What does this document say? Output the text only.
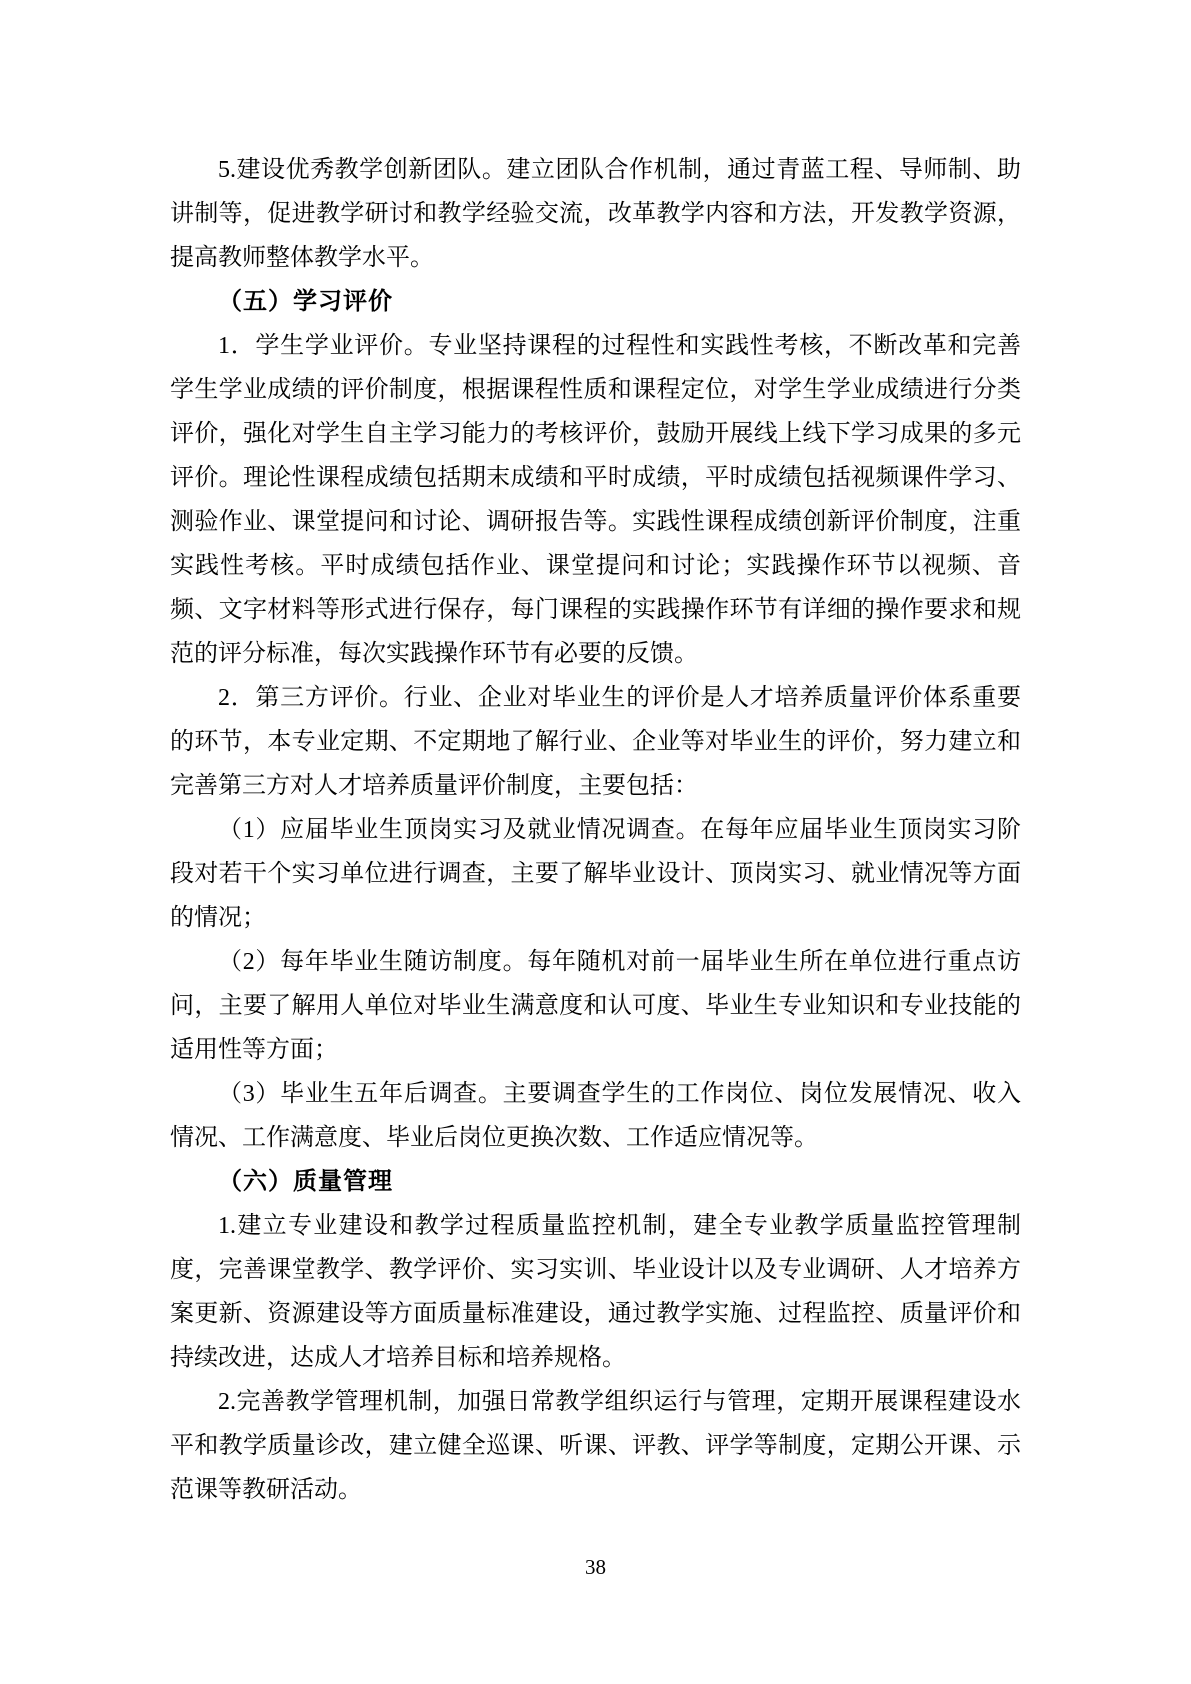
5.建设优秀教学创新团队。建立团队合作机制，通过青蓝工程、导师制、助讲制等，促进教学研讨和教学经验交流，改革教学内容和方法，开发教学资源，提高教师整体教学水平。

（五）学习评价

1．学生学业评价。专业坚持课程的过程性和实践性考核，不断改革和完善学生学业成绩的评价制度，根据课程性质和课程定位，对学生学业成绩进行分类评价，强化对学生自主学习能力的考核评价，鼓励开展线上线下学习成果的多元评价。理论性课程成绩包括期末成绩和平时成绩，平时成绩包括视频课件学习、测验作业、课堂提问和讨论、调研报告等。实践性课程成绩创新评价制度，注重实践性考核。平时成绩包括作业、课堂提问和讨论；实践操作环节以视频、音频、文字材料等形式进行保存，每门课程的实践操作环节有详细的操作要求和规范的评分标准，每次实践操作环节有必要的反馈。

2．第三方评价。行业、企业对毕业生的评价是人才培养质量评价体系重要的环节，本专业定期、不定期地了解行业、企业等对毕业生的评价，努力建立和完善第三方对人才培养质量评价制度，主要包括：

（1）应届毕业生顶岗实习及就业情况调查。在每年应届毕业生顶岗实习阶段对若干个实习单位进行调查，主要了解毕业设计、顶岗实习、就业情况等方面的情况；

（2）每年毕业生随访制度。每年随机对前一届毕业生所在单位进行重点访问，主要了解用人单位对毕业生满意度和认可度、毕业生专业知识和专业技能的适用性等方面；

（3）毕业生五年后调查。主要调查学生的工作岗位、岗位发展情况、收入情况、工作满意度、毕业后岗位更换次数、工作适应情况等。

（六）质量管理

1.建立专业建设和教学过程质量监控机制，建全专业教学质量监控管理制度，完善课堂教学、教学评价、实习实训、毕业设计以及专业调研、人才培养方案更新、资源建设等方面质量标准建设，通过教学实施、过程监控、质量评价和持续改进，达成人才培养目标和培养规格。

2.完善教学管理机制，加强日常教学组织运行与管理，定期开展课程建设水平和教学质量诊改，建立健全巡课、听课、评教、评学等制度，定期公开课、示范课等教研活动。

38
